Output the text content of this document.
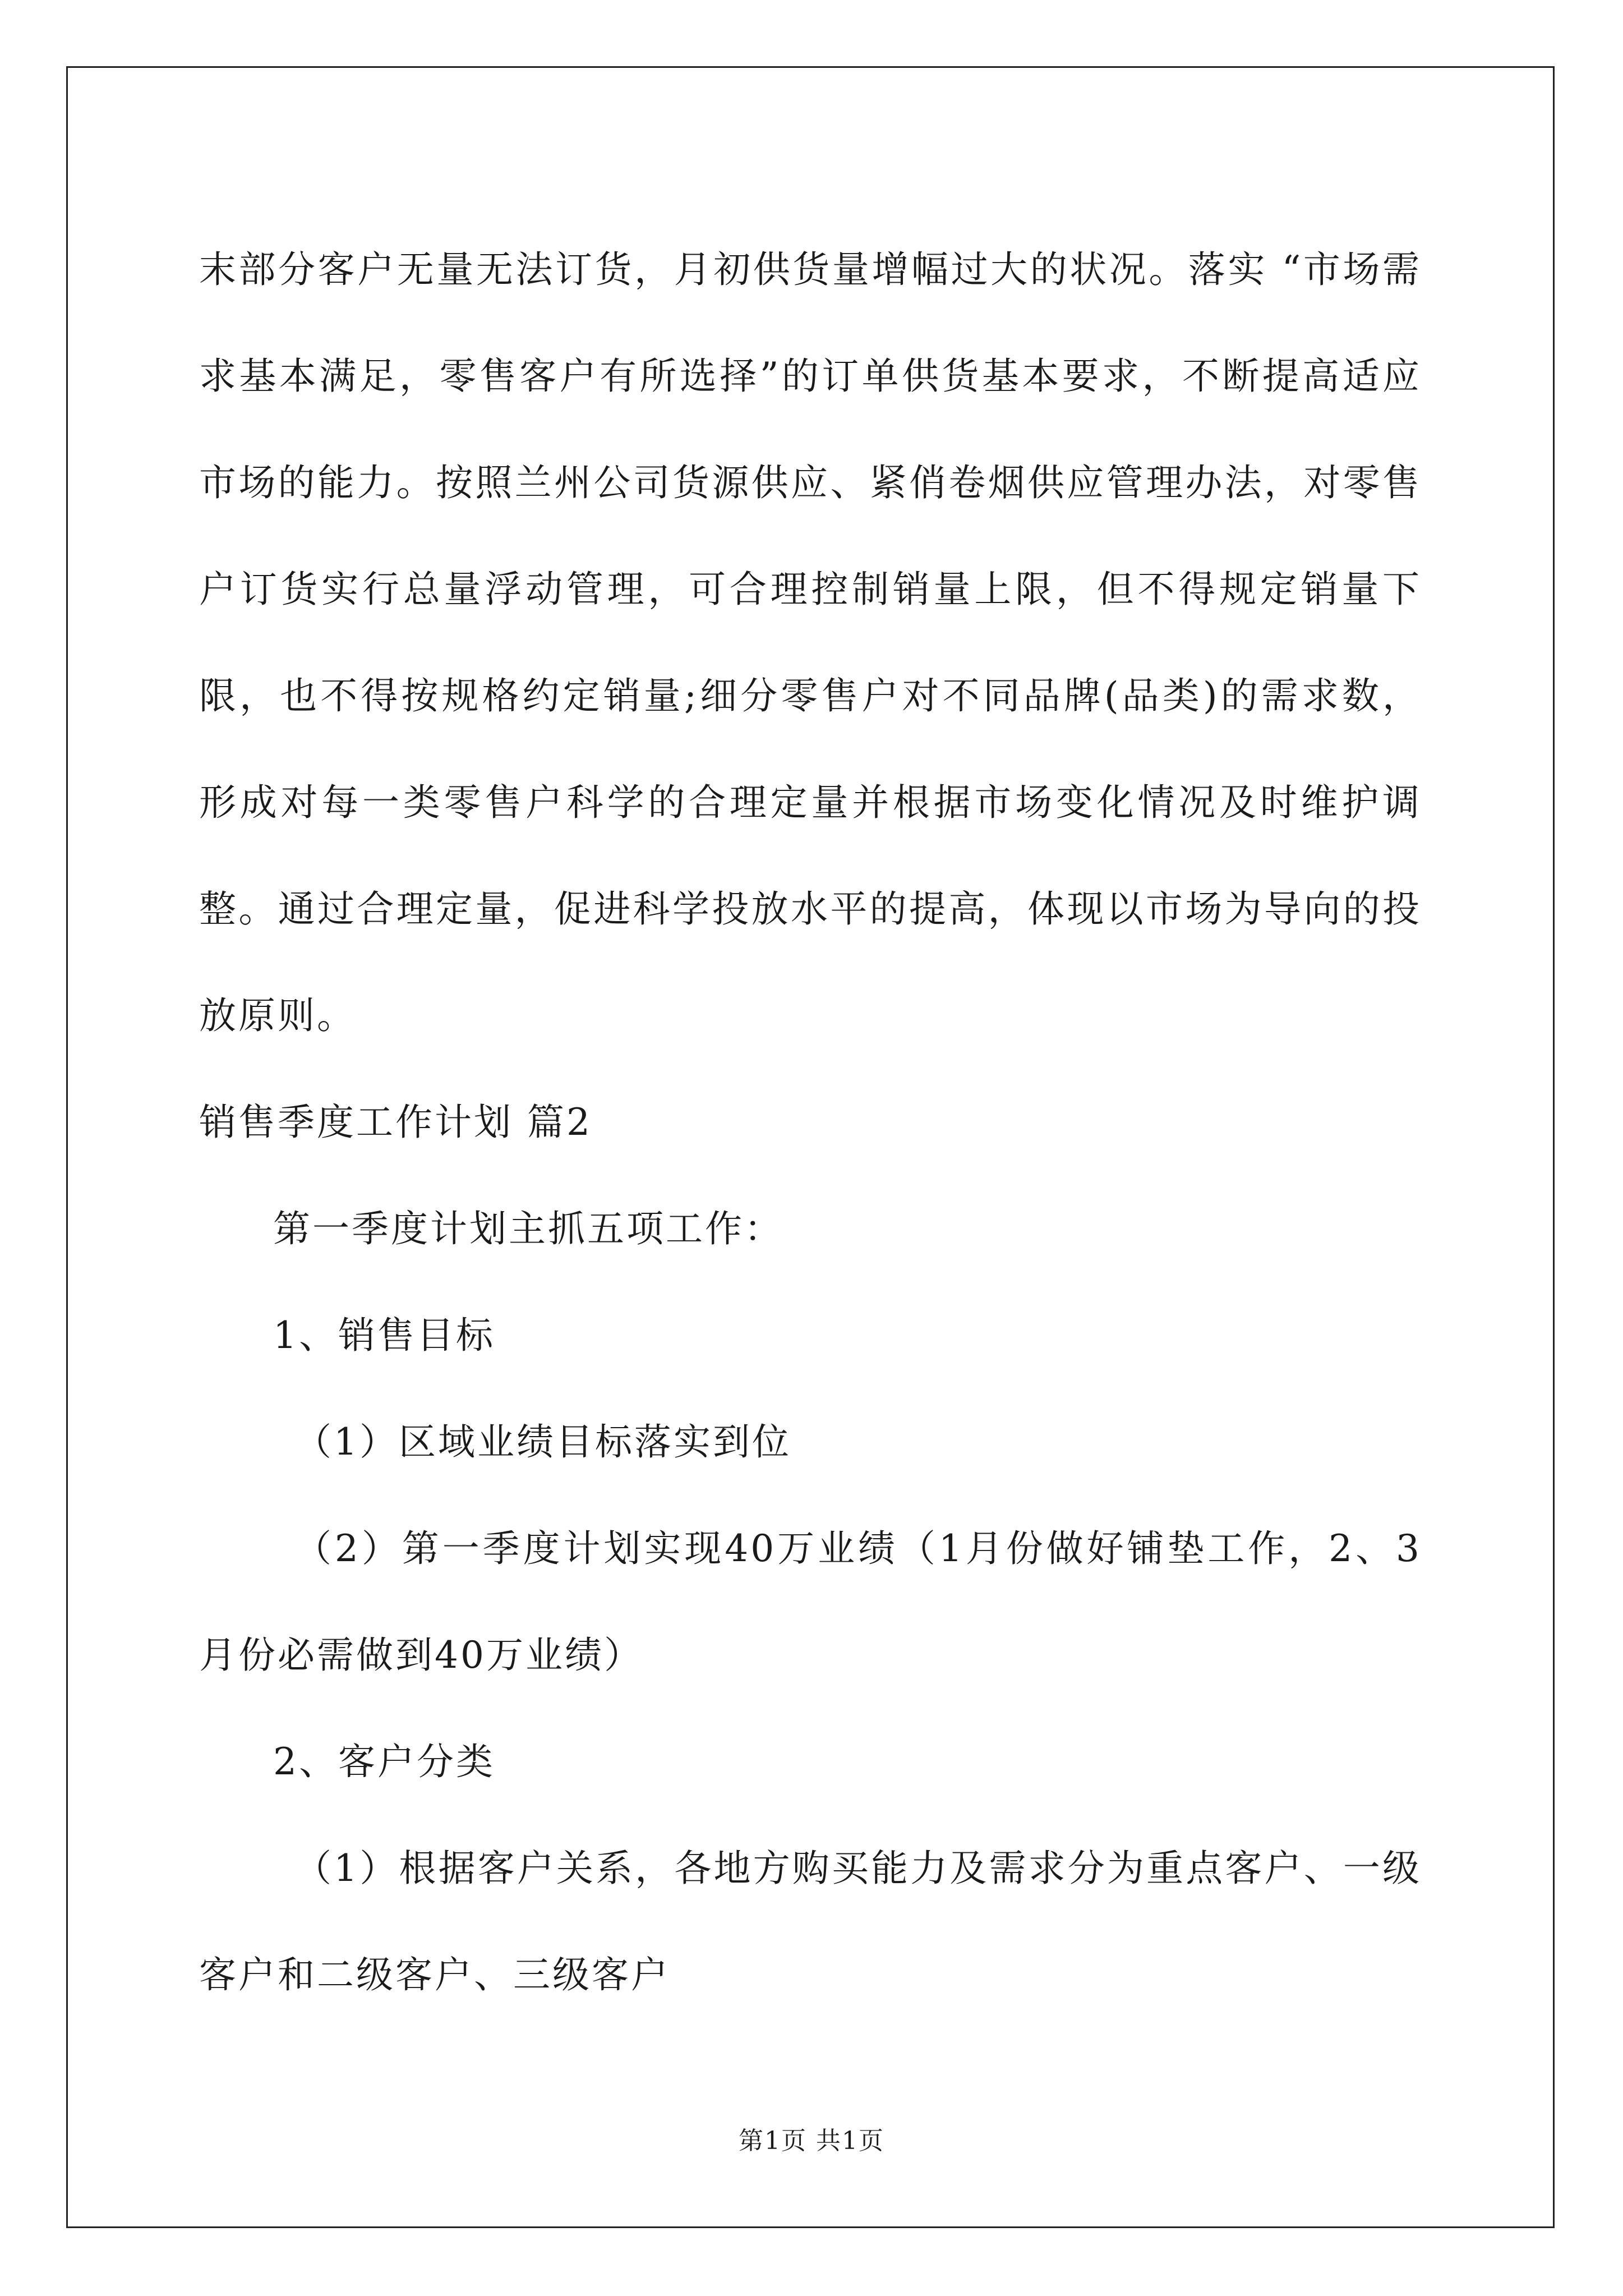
末部分客户无量无法订货，月初供货量增幅过大的状况。落实 “市场需求基本满足，零售客户有所选择”的订单供货基本要求，不断提高适应市场的能力。按照兰州公司货源供应、紧俏卷烟供应管理办法，对零售户订货实行总量浮动管理，可合理控制销量上限，但不得规定销量下限，也不得按规格约定销量;细分零售户对不同品牌(品类)的需求数，形成对每一类零售户科学的合理定量并根据市场变化情况及时维护调整。通过合理定量，促进科学投放水平的提高，体现以市场为导向的投放原则。

销售季度工作计划 篇2

第一季度计划主抓五项工作：

1、销售目标

（1）区域业绩目标落实到位

（2）第一季度计划实现40万业绩（1月份做好铺垫工作，2、3月份必需做到40万业绩）

2、客户分类

（1）根据客户关系，各地方购买能力及需求分为重点客户、一级客户和二级客户、三级客户

第1页 共1页
